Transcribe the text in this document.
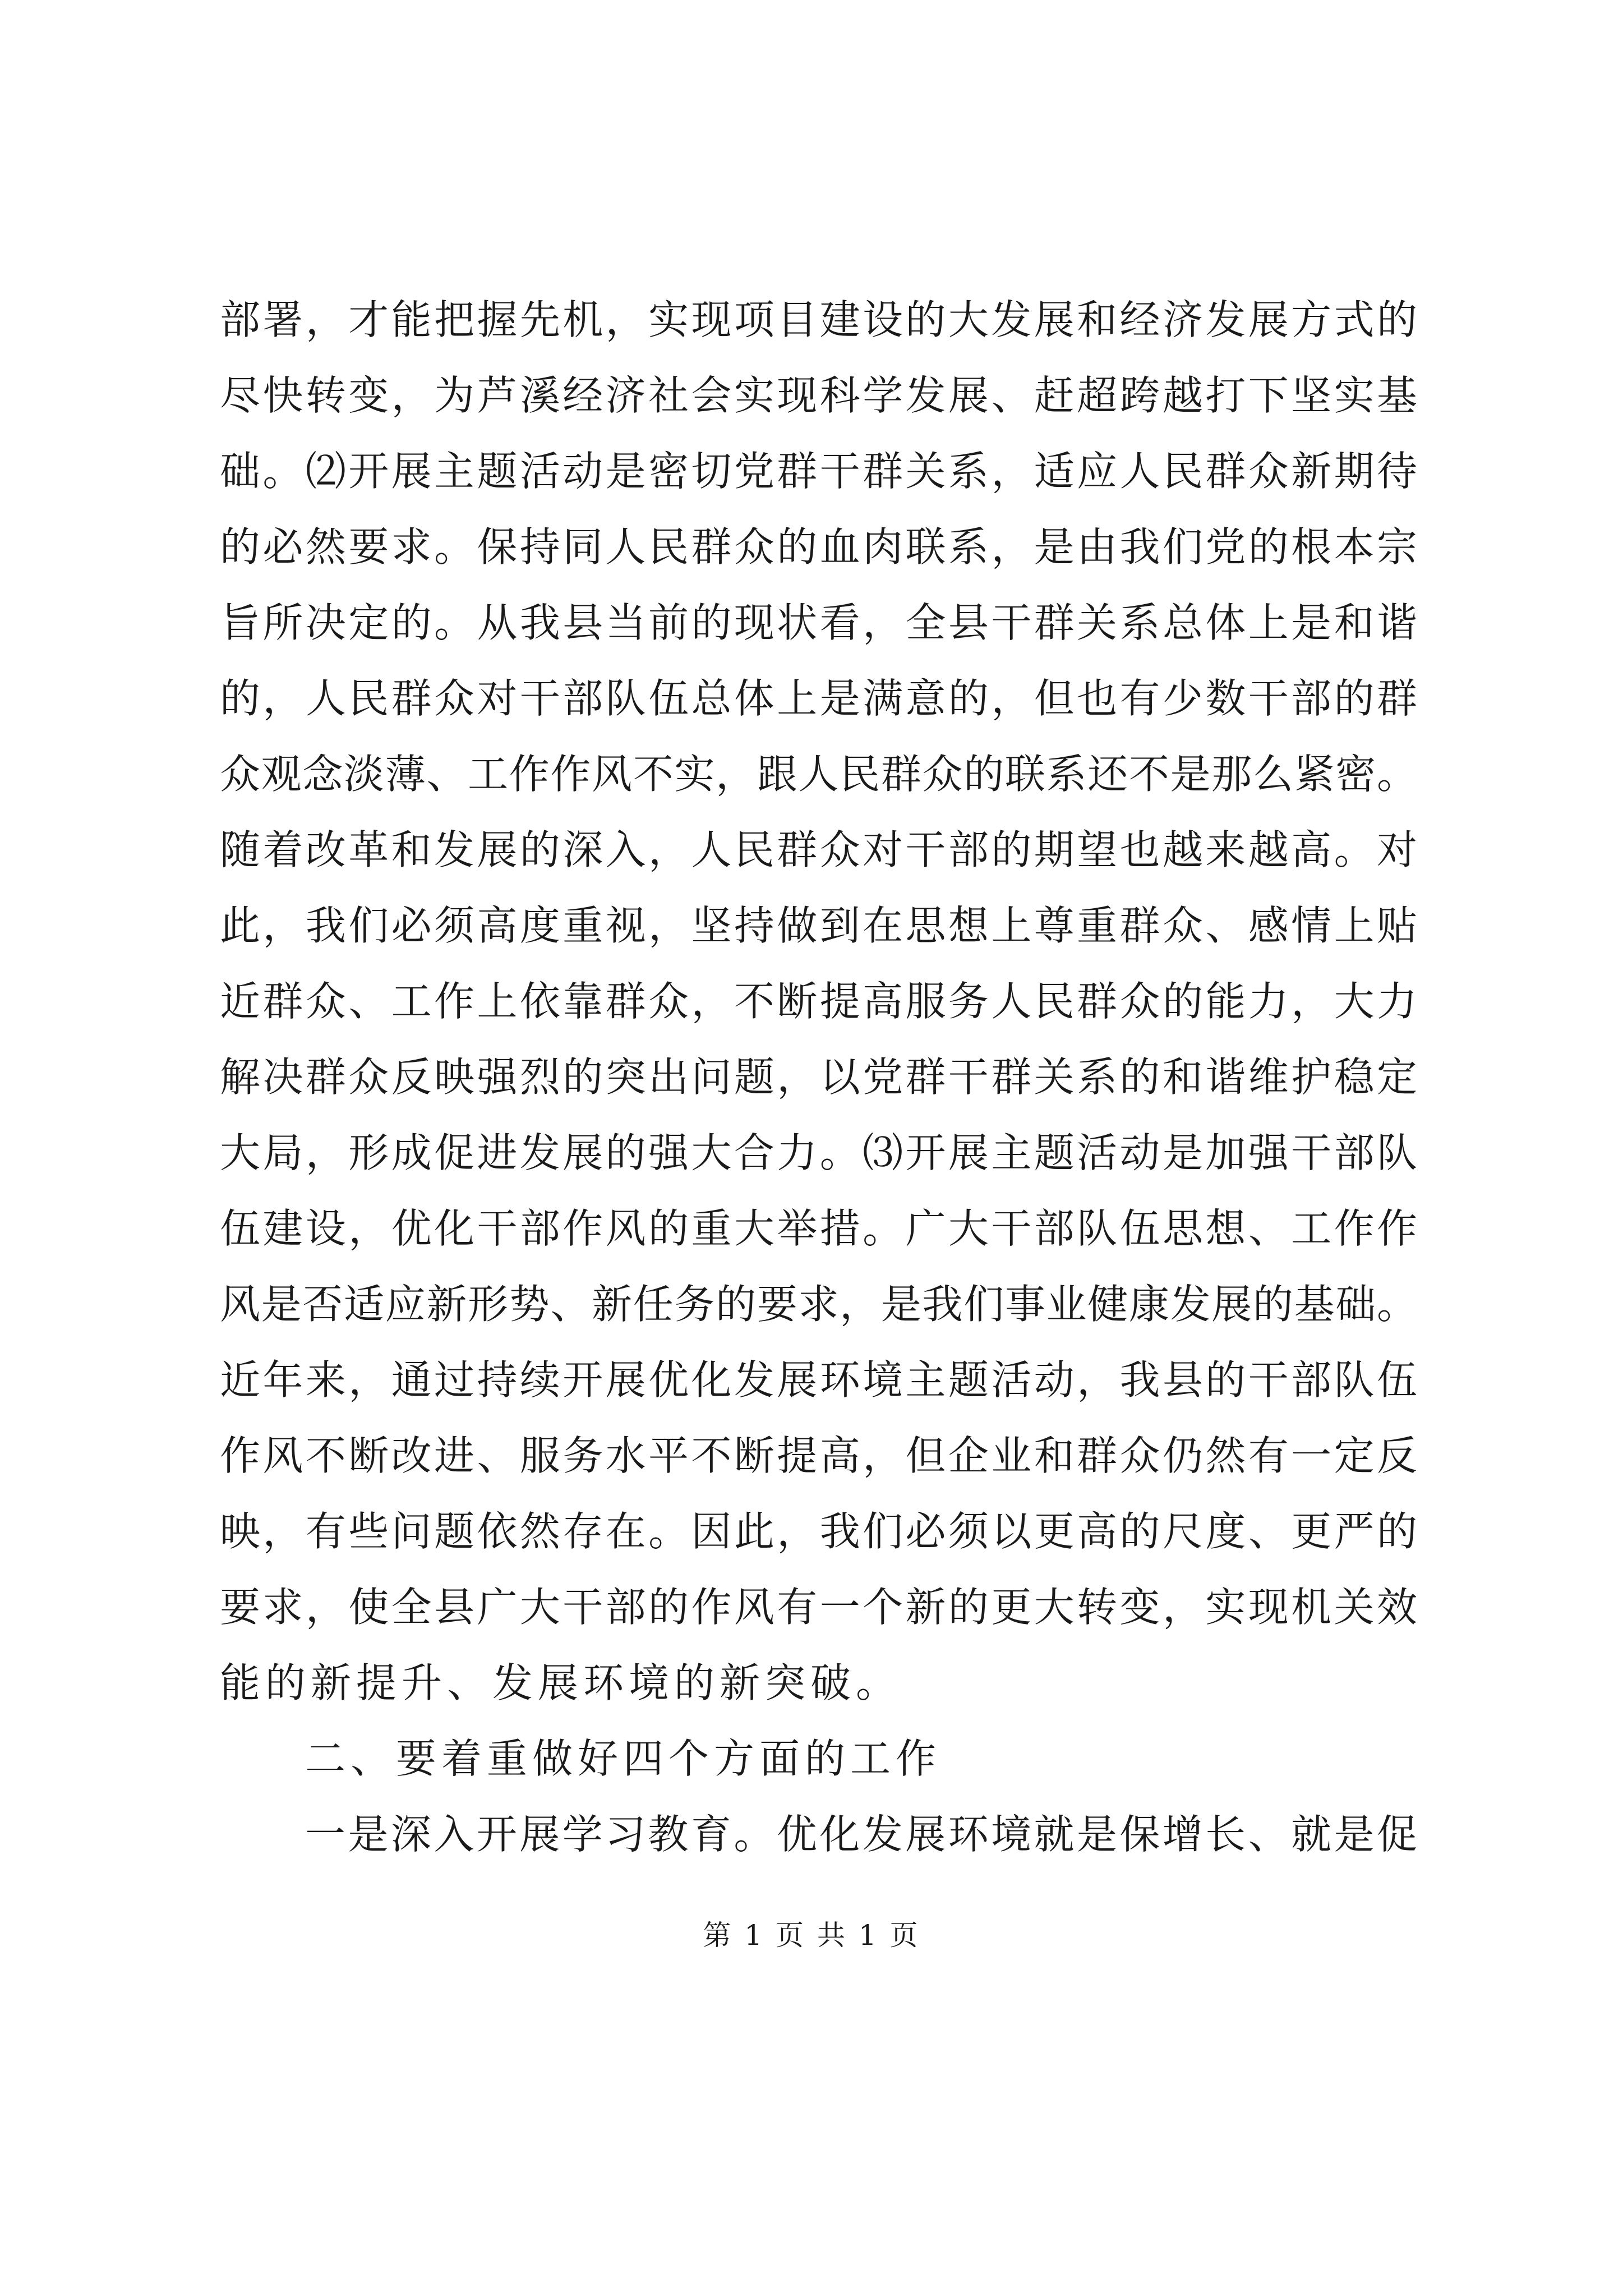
部署，才能把握先机，实现项目建设的大发展和经济发展方式的
尽快转变，为芦溪经济社会实现科学发展、赶超跨越打下坚实基
础。⑵开展主题活动是密切党群干群关系，适应人民群众新期待
的必然要求。保持同人民群众的血肉联系，是由我们党的根本宗
旨所决定的。从我县当前的现状看，全县干群关系总体上是和谐
的，人民群众对干部队伍总体上是满意的，但也有少数干部的群
众观念淡薄、工作作风不实，跟人民群众的联系还不是那么紧密。
随着改革和发展的深入，人民群众对干部的期望也越来越高。对
此，我们必须高度重视，坚持做到在思想上尊重群众、感情上贴
近群众、工作上依靠群众，不断提高服务人民群众的能力，大力
解决群众反映强烈的突出问题，以党群干群关系的和谐维护稳定
大局，形成促进发展的强大合力。⑶开展主题活动是加强干部队
伍建设，优化干部作风的重大举措。广大干部队伍思想、工作作
风是否适应新形势、新任务的要求，是我们事业健康发展的基础。
近年来，通过持续开展优化发展环境主题活动，我县的干部队伍
作风不断改进、服务水平不断提高，但企业和群众仍然有一定反
映，有些问题依然存在。因此，我们必须以更高的尺度、更严的
要求，使全县广大干部的作风有一个新的更大转变，实现机关效
能的新提升、发展环境的新突破。
二、要着重做好四个方面的工作
一是深入开展学习教育。优化发展环境就是保增长、就是促
第 1 页 共 1 页
